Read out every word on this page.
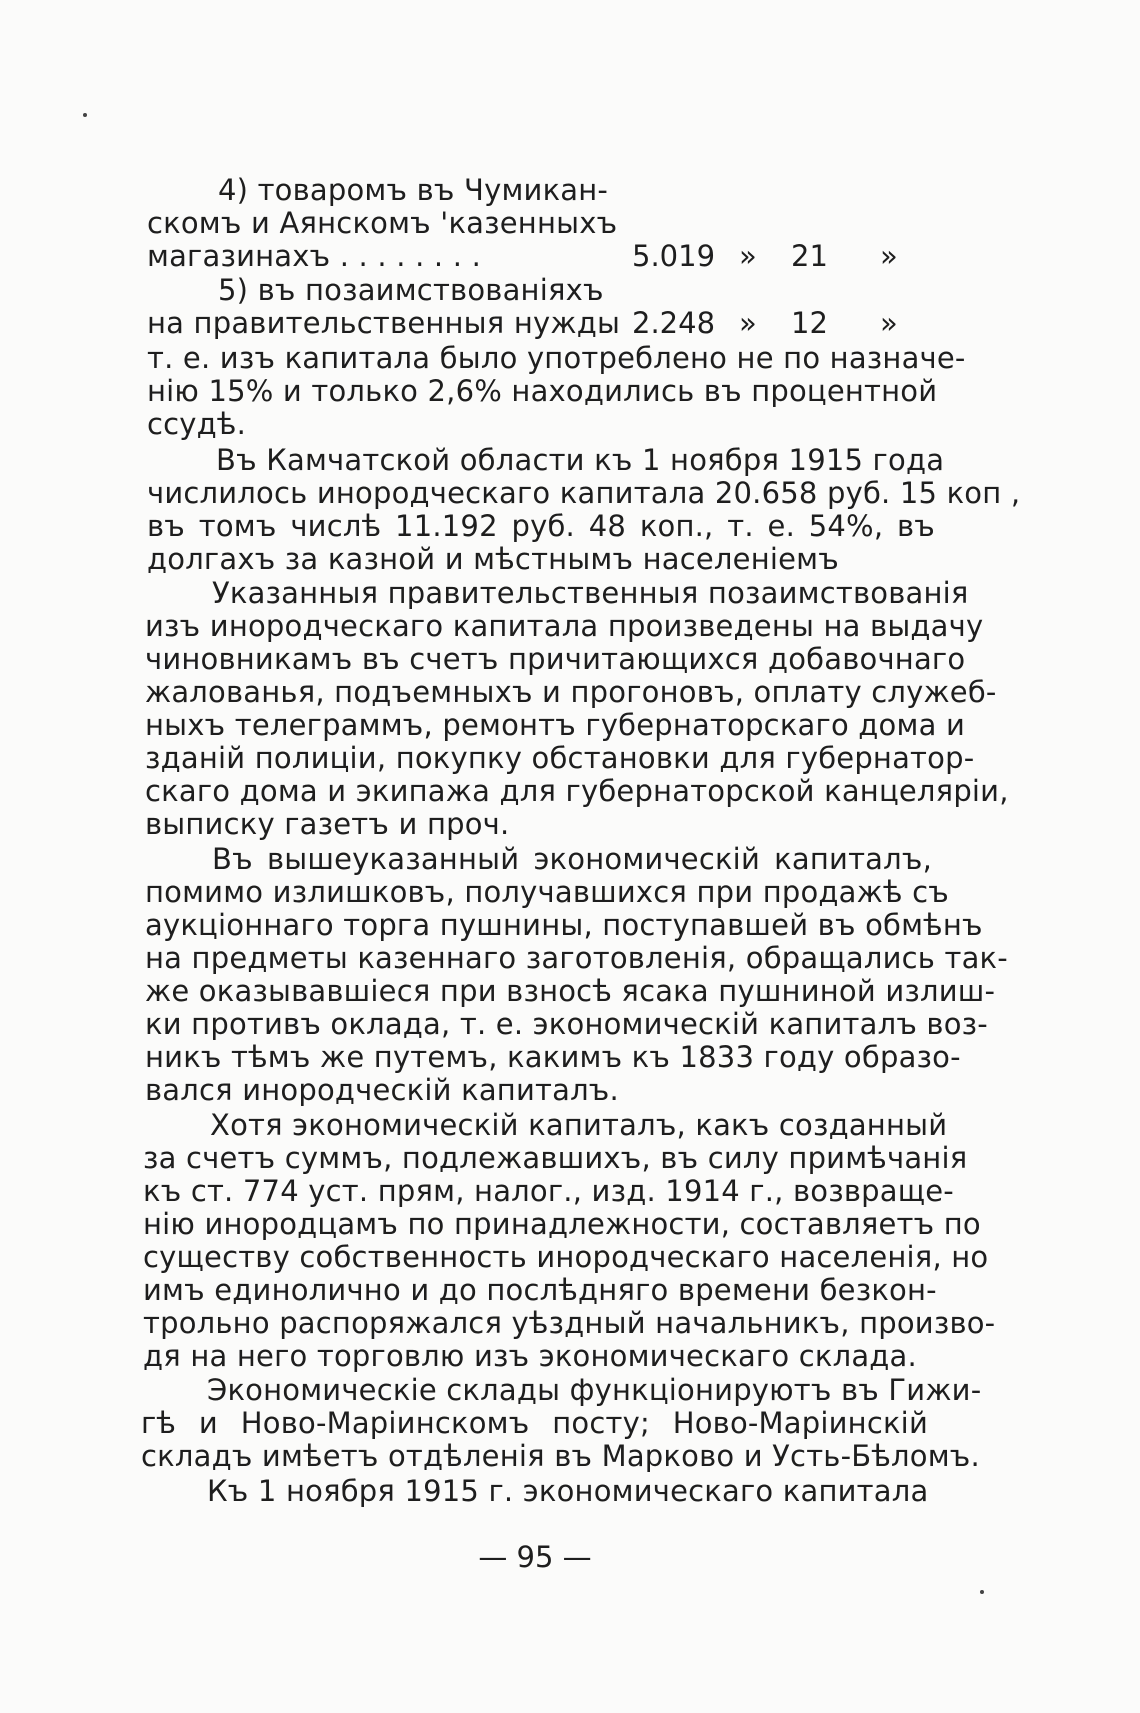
4) товаромъ въ Чумикан-
скомъ и Аянскомъ 'казенныхъ
магазинахъ . . . . . . . .	5.019 » 21 »
5) въ позаимствованіяхъ
на правительственныя нужды 2.248 » 12 »
т. е. изъ капитала было употреблено не по назначе-
нію 15% и только 2,6% находились въ процентной
ссудѣ.
Въ Камчатской области къ 1 ноября 1915 года
числилось инородческаго капитала 20.658 руб. 15 коп ,
въ томъ числѣ 11.192 руб. 48 коп., т. е. 54%, въ
долгахъ за казной и мѣстнымъ населеніемъ
Указанныя правительственныя позаимствованія
изъ инородческаго капитала произведены на выдачу
чиновникамъ въ счетъ причитающихся добавочнаго
жалованья, подъемныхъ и прогоновъ, оплату служеб-
ныхъ телеграммъ, ремонтъ губернаторскаго дома и
зданій полиціи, покупку обстановки для губернатор-
скаго дома и экипажа для губернаторской канцеляріи,
выписку газетъ и проч.
Въ вышеуказанный экономическій капиталъ,
помимо излишковъ, получавшихся при продажѣ съ
аукціоннаго торга пушнины, поступавшей въ обмѣнъ
на предметы казеннаго заготовленія, обращались так-
же оказывавшіеся при взносѣ ясака пушниной излиш-
ки противъ оклада, т. е. экономическій капиталъ воз-
никъ тѣмъ же путемъ, какимъ къ 1833 году образо-
вался инородческій капиталъ.
Хотя экономическій капиталъ, какъ созданный
за счетъ суммъ, подлежавшихъ, въ силу примѣчанія
къ ст. 774 уст. прям, налог., изд. 1914 г., возвраще-
нію инородцамъ по принадлежности, составляетъ по
существу собственность инородческаго населенія, но
имъ единолично и до послѣдняго времени безкон-
трольно распоряжался уѣздный начальникъ, произво-
дя на него торговлю изъ экономическаго склада.
Экономическіе склады функціонируютъ въ Гижи-
гѣ и Ново-Маріинскомъ посту; Ново-Маріинскій
складъ имѣетъ отдѣленія въ Марково и Усть-Бѣломъ.
Къ 1 ноября 1915 г. экономическаго капитала
— 95 —
